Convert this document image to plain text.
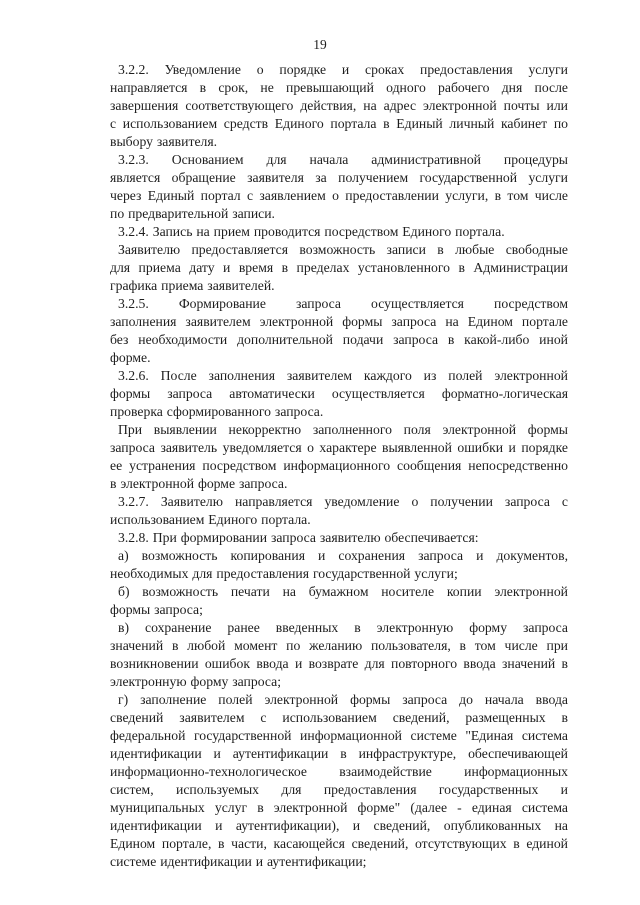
19
3.2.2. Уведомление о порядке и сроках предоставления услуги
направляется в срок, не превышающий одного рабочего дня после
завершения соответствующего действия, на адрес электронной почты или
с использованием средств Единого портала в Единый личный кабинет по
выбору заявителя.
3.2.3. Основанием для начала административной процедуры
является обращение заявителя за получением государственной услуги
через Единый портал с заявлением о предоставлении услуги, в том числе
по предварительной записи.
3.2.4. Запись на прием проводится посредством Единого портала.
Заявителю предоставляется возможность записи в любые свободные
для приема дату и время в пределах установленного в Администрации
графика приема заявителей.
3.2.5. Формирование запроса осуществляется посредством
заполнения заявителем электронной формы запроса на Едином портале
без необходимости дополнительной подачи запроса в какой-либо иной
форме.
3.2.6. После заполнения заявителем каждого из полей электронной
формы запроса автоматически осуществляется форматно-логическая
проверка сформированного запроса.
При выявлении некорректно заполненного поля электронной формы
запроса заявитель уведомляется о характере выявленной ошибки и порядке
ее устранения посредством информационного сообщения непосредственно
в электронной форме запроса.
3.2.7. Заявителю направляется уведомление о получении запроса с
использованием Единого портала.
3.2.8. При формировании запроса заявителю обеспечивается:
а) возможность копирования и сохранения запроса и документов,
необходимых для предоставления государственной услуги;
б) возможность печати на бумажном носителе копии электронной
формы запроса;
в) сохранение ранее введенных в электронную форму запроса
значений в любой момент по желанию пользователя, в том числе при
возникновении ошибок ввода и возврате для повторного ввода значений в
электронную форму запроса;
г) заполнение полей электронной формы запроса до начала ввода
сведений заявителем с использованием сведений, размещенных в
федеральной государственной информационной системе "Единая система
идентификации и аутентификации в инфраструктуре, обеспечивающей
информационно-технологическое взаимодействие информационных
систем, используемых для предоставления государственных и
муниципальных услуг в электронной форме" (далее - единая система
идентификации и аутентификации), и сведений, опубликованных на
Едином портале, в части, касающейся сведений, отсутствующих в единой
системе идентификации и аутентификации;
